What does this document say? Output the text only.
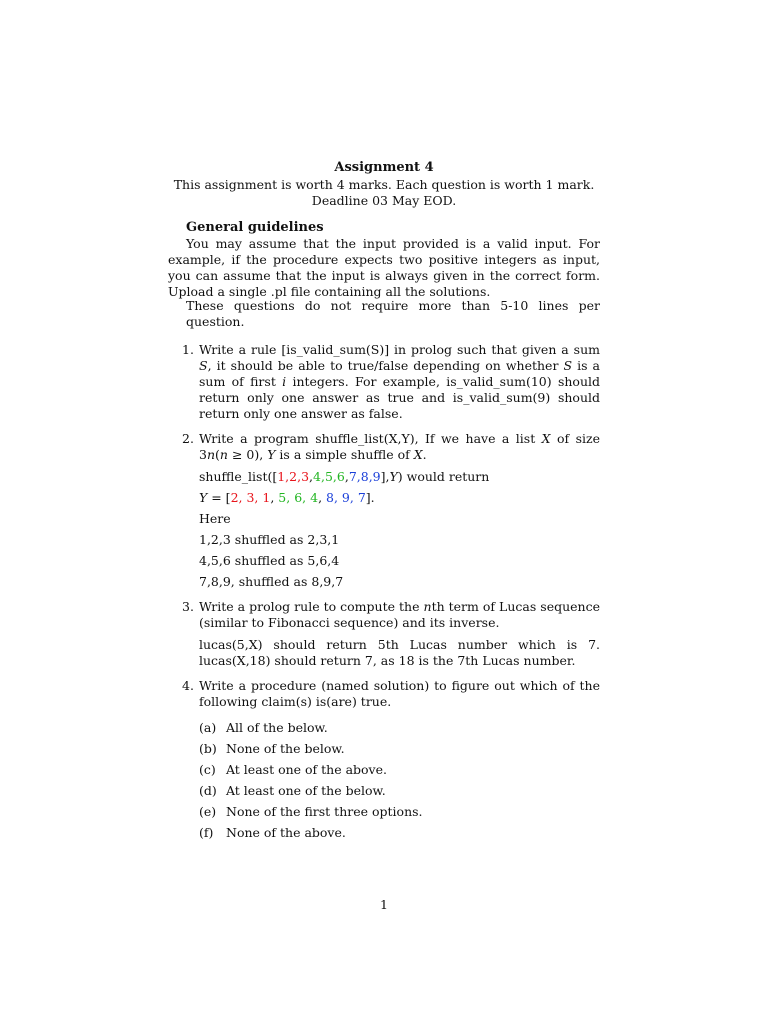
Assignment 4
This assignment is worth 4 marks. Each question is worth 1 mark. Deadline 03 May EOD.
General guidelines
You may assume that the input provided is a valid input. For example, if the procedure expects two positive integers as input, you can assume that the input is always given in the correct form. Upload a single .pl file containing all the solutions.
These questions do not require more than 5-10 lines per question.
1. Write a rule [is_valid_sum(S)] in prolog such that given a sum S, it should be able to true/false depending on whether S is a sum of first i integers. For example, is_valid_sum(10) should return only one answer as true and is_valid_sum(9) should return only one answer as false.

2. Write a program shuffle_list(X,Y), If we have a list X of size 3n(n ≥ 0), Y is a simple shuffle of X.

shuffle_list([1,2,3,4,5,6,7,8,9],Y) would return

Y = [2, 3, 1, 5, 6, 4, 8, 9, 7].

Here

1,2,3 shuffled as 2,3,1

4,5,6 shuffled as 5,6,4

7,8,9, shuffled as 8,9,7

3. Write a prolog rule to compute the nth term of Lucas sequence (similar to Fibonacci sequence) and its inverse.

lucas(5,X) should return 5th Lucas number which is 7. lucas(X,18) should return 7, as 18 is the 7th Lucas number.

4. Write a procedure (named solution) to figure out which of the following claim(s) is(are) true.

(a) All of the below.
(b) None of the below.
(c) At least one of the above.
(d) At least one of the below.
(e) None of the first three options.
(f) None of the above.
1
